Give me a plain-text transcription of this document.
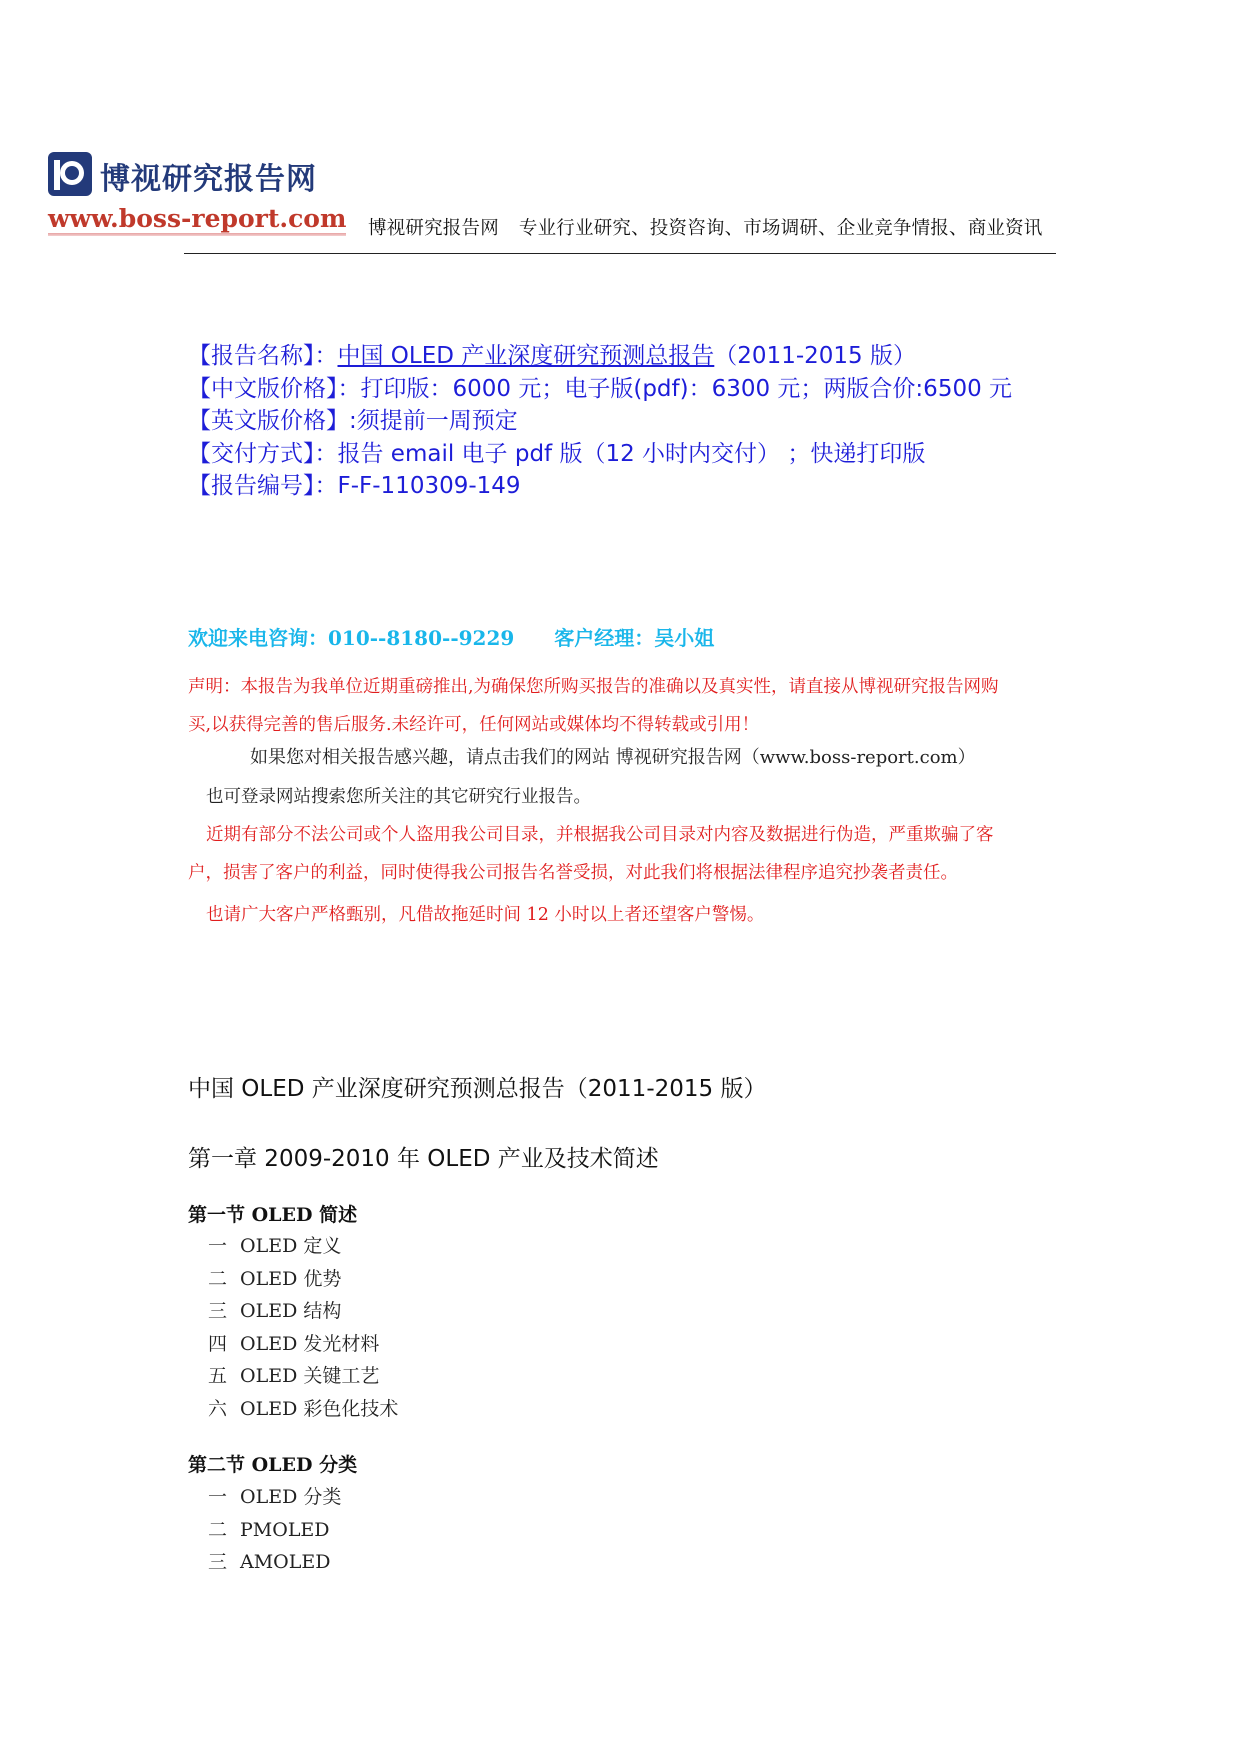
博视研究报告网
www.boss-report.com 博视研究报告网 专业行业研究、投资咨询、市场调研、企业竞争情报、商业资讯
【报告名称】：中国 OLED 产业深度研究预测总报告（2011-2015 版）
【中文版价格】：打印版：6000 元；电子版(pdf)：6300 元；两版合价:6500 元
【英文版价格】:须提前一周预定
【交付方式】：报告 email 电子 pdf 版（12 小时内交付） ；快递打印版
【报告编号】：F-F-110309-149
欢迎来电咨询：010--8180--9229 客户经理：吴小姐

声明：本报告为我单位近期重磅推出,为确保您所购买报告的准确以及真实性，请直接从博视研究报告网购

买,以获得完善的售后服务.未经许可，任何网站或媒体均不得转载或引用！

如果您对相关报告感兴趣，请点击我们的网站 博视研究报告网（www.boss-report.com）
也可登录网站搜索您所关注的其它研究行业报告。

近期有部分不法公司或个人盗用我公司目录，并根据我公司目录对内容及数据进行伪造，严重欺骗了客

户，损害了客户的利益，同时使得我公司报告名誉受损，对此我们将根据法律程序追究抄袭者责任。

也请广大客户严格甄别，凡借故拖延时间 12 小时以上者还望客户警惕。
中国 OLED 产业深度研究预测总报告（2011-2015 版）
第一章 2009-2010 年 OLED 产业及技术简述
第一节 OLED 简述
一 OLED 定义
二 OLED 优势
三 OLED 结构
四 OLED 发光材料
五 OLED 关键工艺
六 OLED 彩色化技术
第二节 OLED 分类
一 OLED 分类
二 PMOLED
三 AMOLED
